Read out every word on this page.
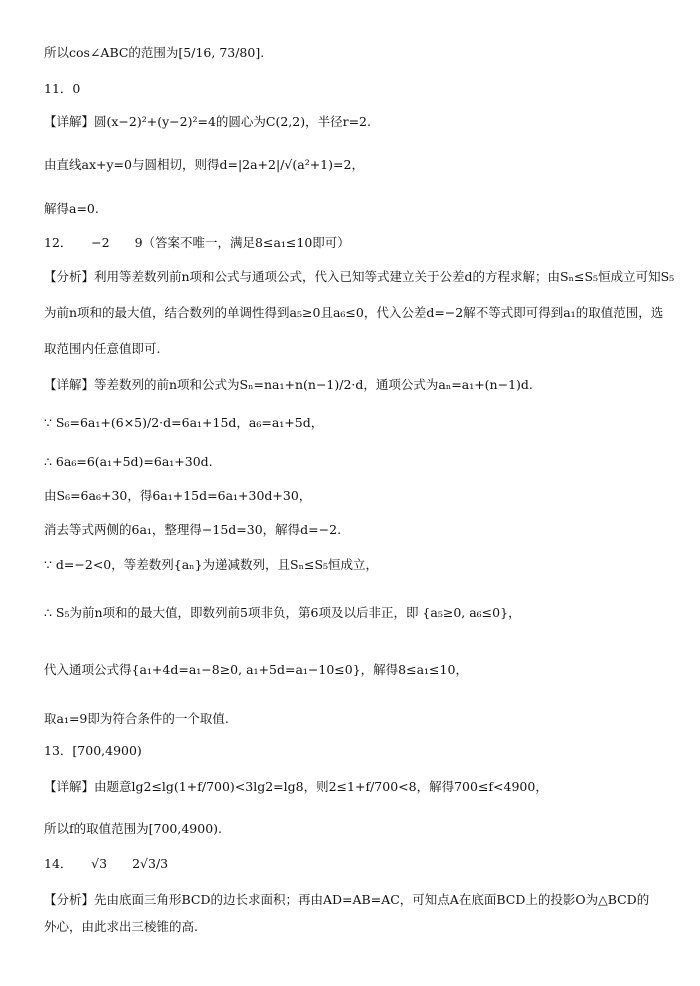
所以cos∠ABC的范围为[5/16, 73/80].
11．0
【详解】圆(x−2)²+(y−2)²=4的圆心为C(2,2)，半径r=2.
由直线ax+y=0与圆相切，则得d=|2a+2|/√(a²+1)=2，
解得a=0.
12．　　−2　　9（答案不唯一，满足8≤a₁≤10即可）
【分析】利用等差数列前n项和公式与通项公式，代入已知等式建立关于公差d的方程求解；由Sₙ≤S₅恒成立可知S₅
为前n项和的最大值，结合数列的单调性得到a₅≥0且a₆≤0，代入公差d=−2解不等式即可得到a₁的取值范围，选
取范围内任意值即可.
【详解】等差数列的前n项和公式为Sₙ=na₁+n(n−1)/2·d，通项公式为aₙ=a₁+(n−1)d.
∵ S₆=6a₁+(6×5)/2·d=6a₁+15d，a₆=a₁+5d，
∴ 6a₆=6(a₁+5d)=6a₁+30d.
由S₆=6a₆+30，得6a₁+15d=6a₁+30d+30，
消去等式两侧的6a₁，整理得−15d=30，解得d=−2.
∵ d=−2<0，等差数列{aₙ}为递减数列，且Sₙ≤S₅恒成立，
∴ S₅为前n项和的最大值，即数列前5项非负，第6项及以后非正，即 {a₅≥0, a₆≤0}，
代入通项公式得{a₁+4d=a₁−8≥0, a₁+5d=a₁−10≤0}，解得8≤a₁≤10，
取a₁=9即为符合条件的一个取值.
13．[700,4900)
【详解】由题意lg2≤lg(1+f/700)<3lg2=lg8，则2≤1+f/700<8，解得700≤f<4900，
所以f的取值范围为[700,4900).
14．　　√3　　2√3/3
【分析】先由底面三角形BCD的边长求面积；再由AD=AB=AC，可知点A在底面BCD上的投影O为△BCD的
外心，由此求出三棱锥的高.
